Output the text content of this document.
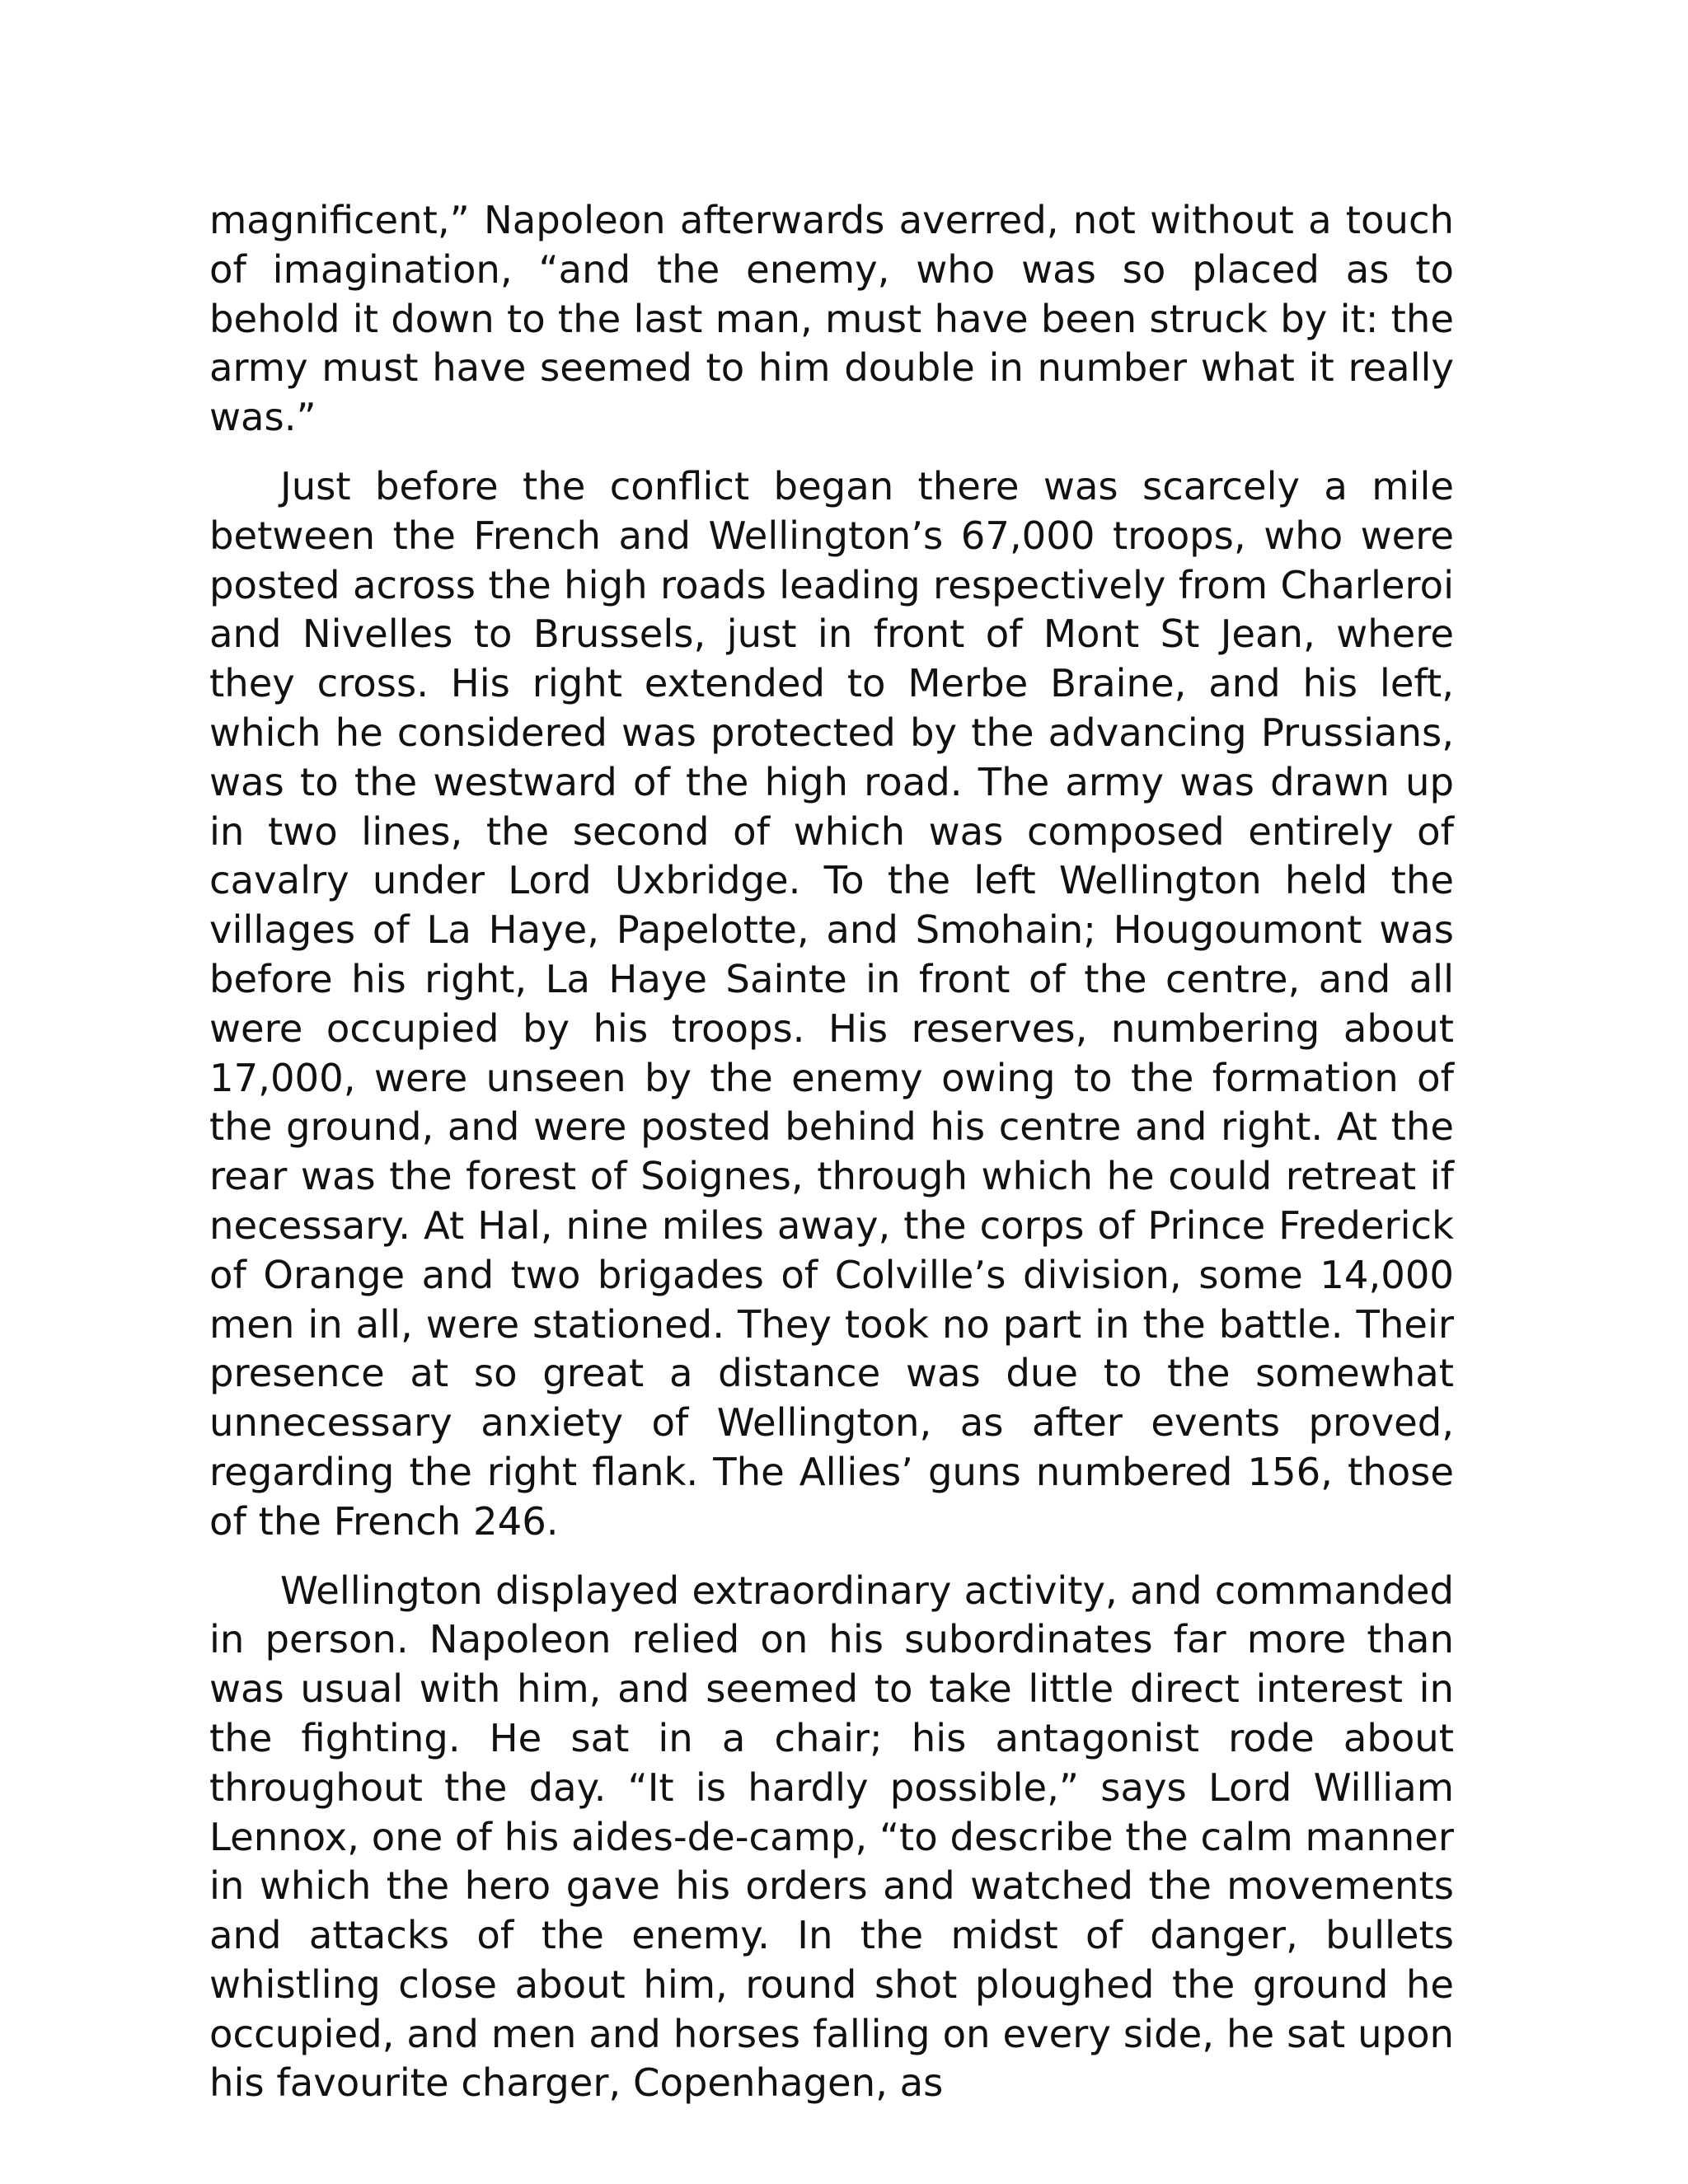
magnificent,” Napoleon afterwards averred, not without a touch of imagination, “and the enemy, who was so placed as to behold it down to the last man, must have been struck by it: the army must have seemed to him double in number what it really was.”

Just before the conflict began there was scarcely a mile between the French and Wellington’s 67,000 troops, who were posted across the high roads leading respectively from Charleroi and Nivelles to Brussels, just in front of Mont St Jean, where they cross. His right extended to Merbe Braine, and his left, which he considered was protected by the advancing Prussians, was to the westward of the high road. The army was drawn up in two lines, the second of which was composed entirely of cavalry under Lord Uxbridge. To the left Wellington held the villages of La Haye, Papelotte, and Smohain; Hougoumont was before his right, La Haye Sainte in front of the centre, and all were occupied by his troops. His reserves, numbering about 17,000, were unseen by the enemy owing to the formation of the ground, and were posted behind his centre and right. At the rear was the forest of Soignes, through which he could retreat if necessary. At Hal, nine miles away, the corps of Prince Frederick of Orange and two brigades of Colville’s division, some 14,000 men in all, were stationed. They took no part in the battle. Their presence at so great a distance was due to the somewhat unnecessary anxiety of Wellington, as after events proved, regarding the right flank. The Allies’ guns numbered 156, those of the French 246.

Wellington displayed extraordinary activity, and commanded in person. Napoleon relied on his subordinates far more than was usual with him, and seemed to take little direct interest in the fighting. He sat in a chair; his antagonist rode about throughout the day. “It is hardly possible,” says Lord William Lennox, one of his aides-de-camp, “to describe the calm manner in which the hero gave his orders and watched the movements and attacks of the enemy. In the midst of danger, bullets whistling close about him, round shot ploughed the ground he occupied, and men and horses falling on every side, he sat upon his favourite charger, Copenhagen, as
